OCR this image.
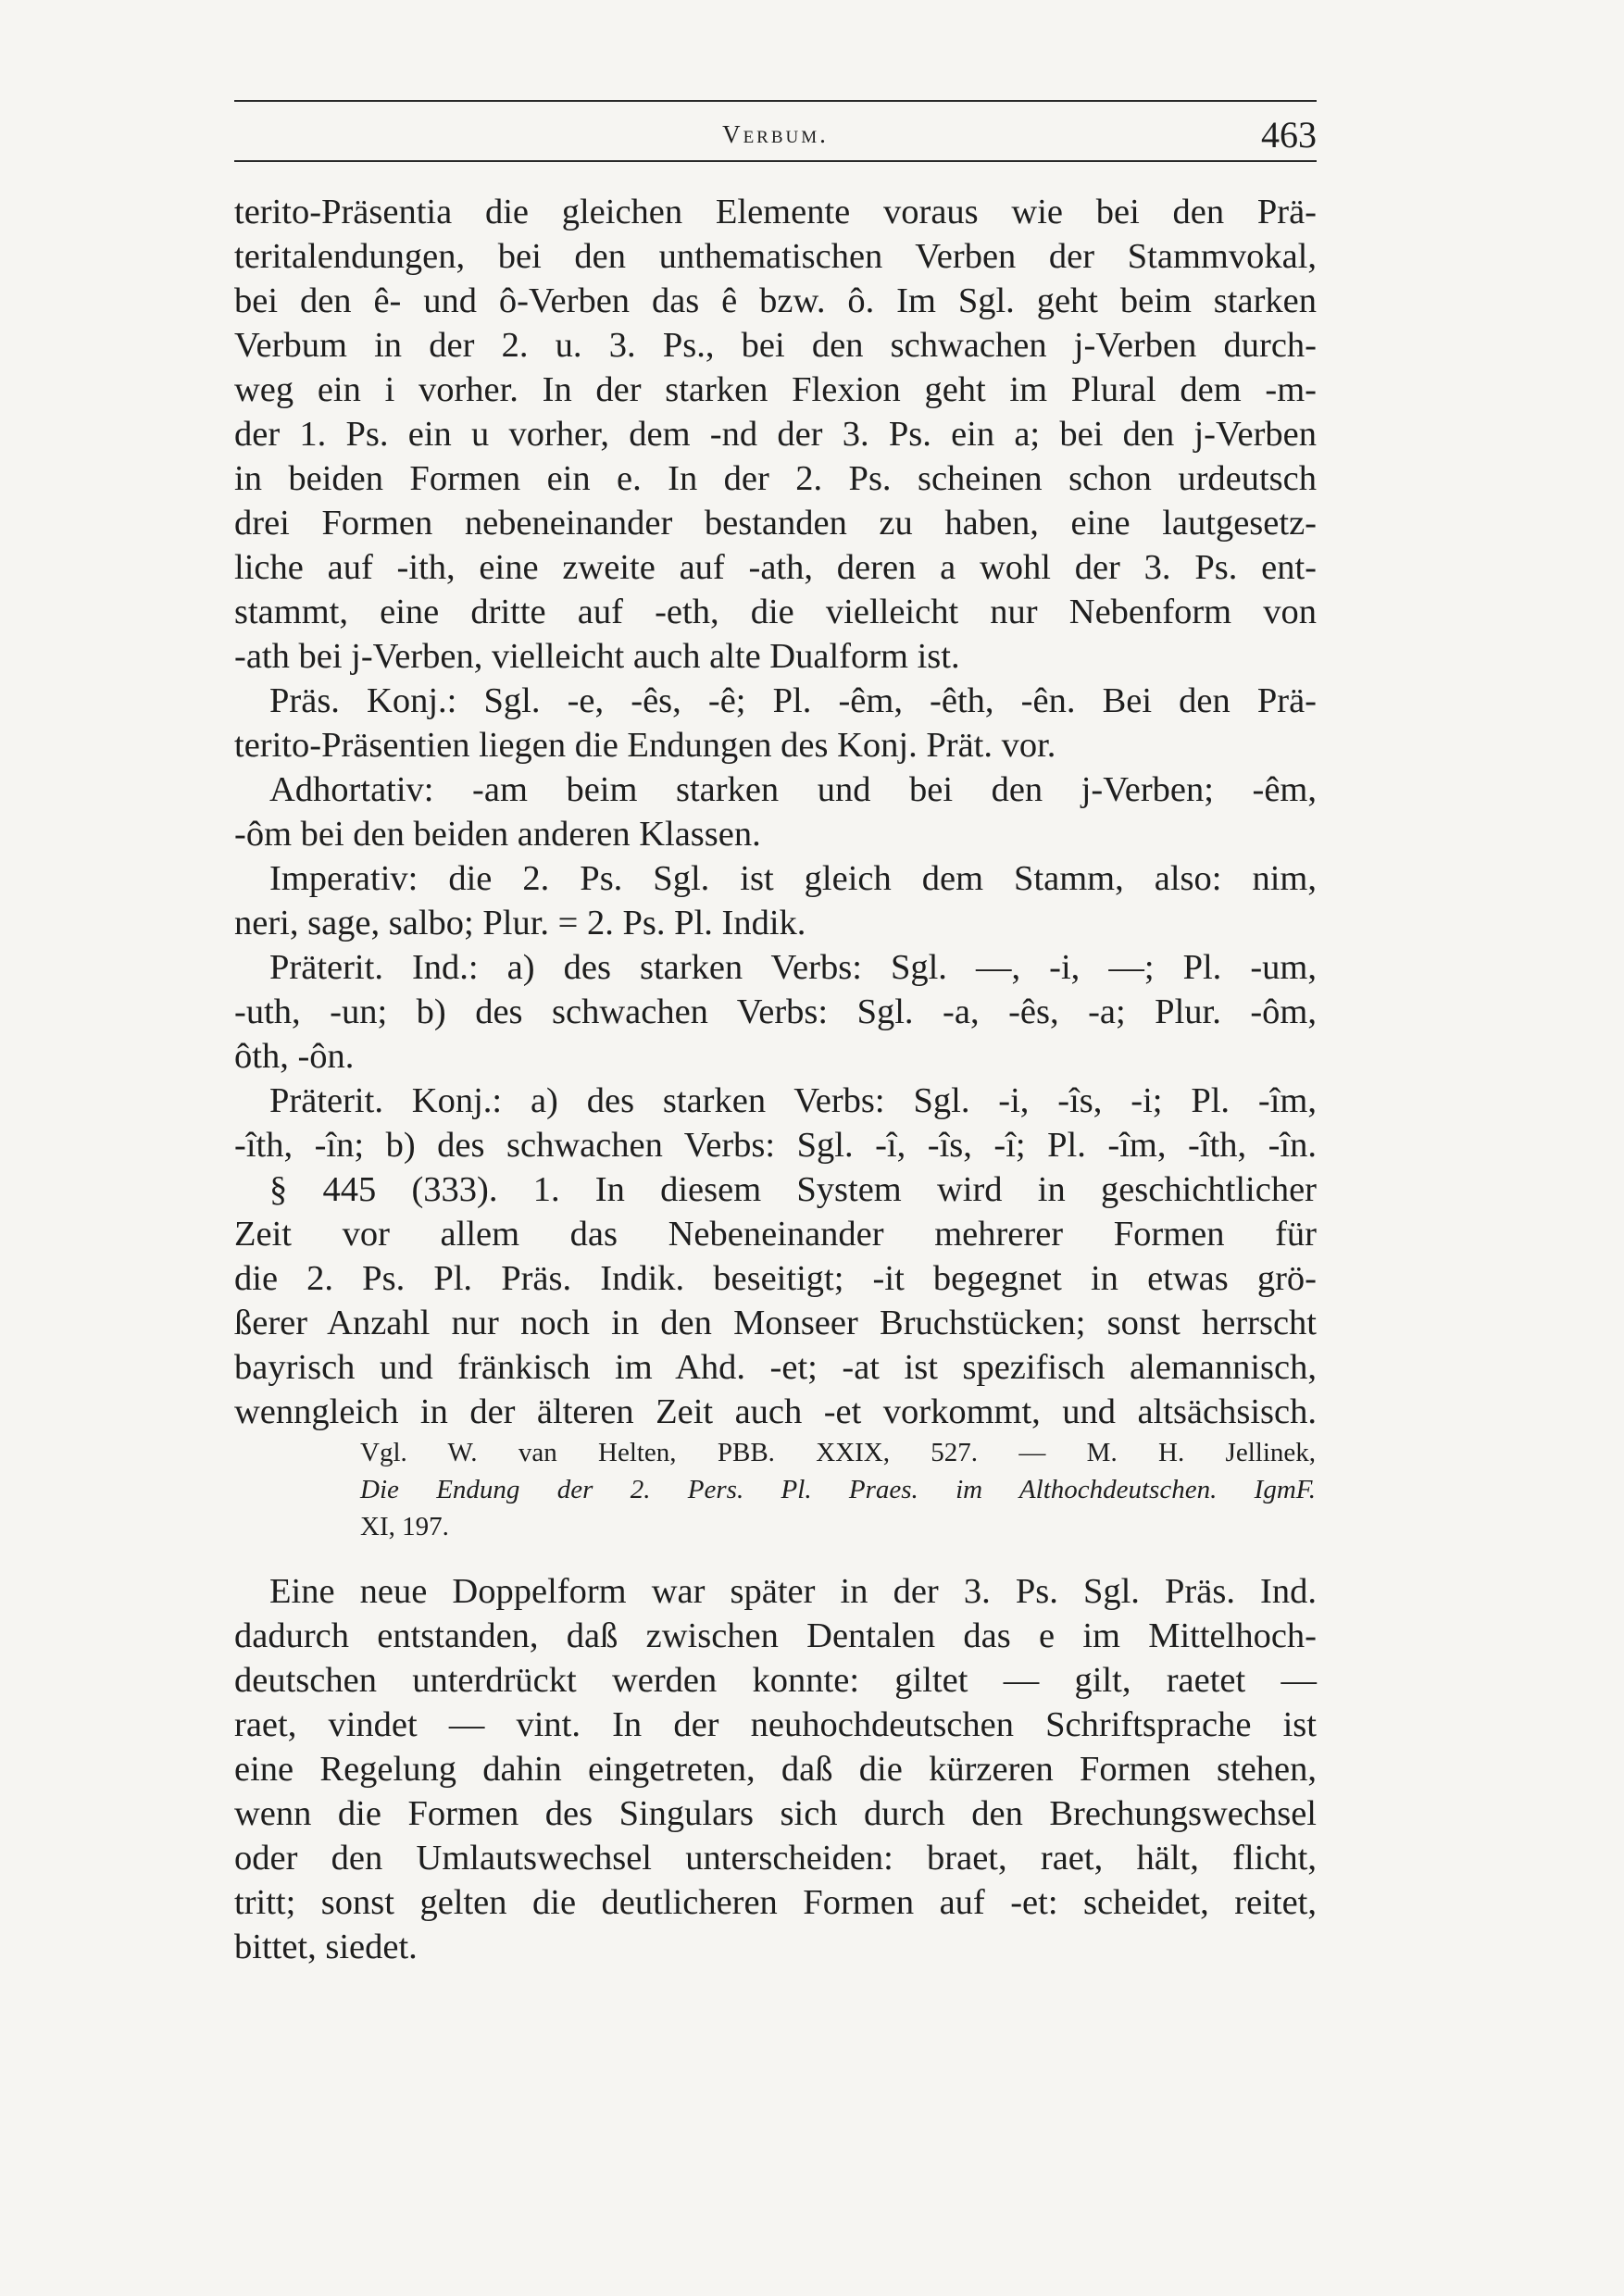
Verbum.	463
terito-Präsentia die gleichen Elemente voraus wie bei den Prä-
teritalendungen, bei den unthematischen Verben der Stammvokal,
bei den ê- und ô-Verben das ê bzw. ô. Im Sgl. geht beim starken
Verbum in der 2. u. 3. Ps., bei den schwachen j-Verben durch-
weg ein i vorher. In der starken Flexion geht im Plural dem -m-
der 1. Ps. ein u vorher, dem -nd der 3. Ps. ein a; bei den j-Verben
in beiden Formen ein e. In der 2. Ps. scheinen schon urdeutsch
drei Formen nebeneinander bestanden zu haben, eine lautgesetz-
liche auf -ith, eine zweite auf -ath, deren a wohl der 3. Ps. ent-
stammt, eine dritte auf -eth, die vielleicht nur Nebenform von
-ath bei j-Verben, vielleicht auch alte Dualform ist.
Präs. Konj.: Sgl. -e, -ês, -ê; Pl. -êm, -êth, -ên. Bei den Prä-
terito-Präsentien liegen die Endungen des Konj. Prät. vor.
Adhortativ: -am beim starken und bei den j-Verben; -êm,
-ôm bei den beiden anderen Klassen.
Imperativ: die 2. Ps. Sgl. ist gleich dem Stamm, also: nim,
neri, sage, salbo; Plur. = 2. Ps. Pl. Indik.
Präterit. Ind.: a) des starken Verbs: Sgl. —, -i, —; Pl. -um,
-uth, -un; b) des schwachen Verbs: Sgl. -a, -ês, -a; Plur. -ôm,
ôth, -ôn.
Präterit. Konj.: a) des starken Verbs: Sgl. -i, -îs, -i; Pl. -îm,
-îth, -în; b) des schwachen Verbs: Sgl. -î, -îs, -î; Pl. -îm, -îth, -în.
§ 445 (333). 1. In diesem System wird in geschichtlicher
Zeit vor allem das Nebeneinander mehrerer Formen für
die 2. Ps. Pl. Präs. Indik. beseitigt; -it begegnet in etwas grö-
ßerer Anzahl nur noch in den Monseer Bruchstücken; sonst herrscht
bayrisch und fränkisch im Ahd. -et; -at ist spezifisch alemannisch,
wenngleich in der älteren Zeit auch -et vorkommt, und altsächsisch.
Vgl. W. van Helten, PBB. XXIX, 527. — M. H. Jellinek,
Die Endung der 2. Pers. Pl. Praes. im Althochdeutschen. IgmF.
XI, 197.
Eine neue Doppelform war später in der 3. Ps. Sgl. Präs. Ind.
dadurch entstanden, daß zwischen Dentalen das e im Mittelhoch-
deutschen unterdrückt werden konnte: giltet — gilt, raetet —
raet, vindet — vint. In der neuhochdeutschen Schriftsprache ist
eine Regelung dahin eingetreten, daß die kürzeren Formen stehen,
wenn die Formen des Singulars sich durch den Brechungswechsel
oder den Umlautswechsel unterscheiden: braet, raet, hält, flicht,
tritt; sonst gelten die deutlicheren Formen auf -et: scheidet, reitet,
bittet, siedet.
